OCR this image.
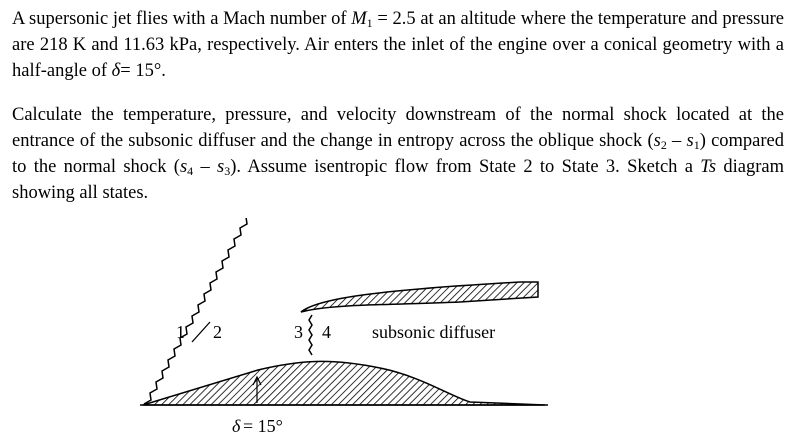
A supersonic jet flies with a Mach number of $M_1 = 2.5$ at an altitude where the temperature and pressure are 218 K and 11.63 kPa, respectively. Air enters the inlet of the engine over a conical geometry with a half-angle of δ= 15°.

Calculate the temperature, pressure, and velocity downstream of the normal shock located at the entrance of the subsonic diffuser and the change in entropy across the oblique shock $(s_2 - s_1)$ compared to the normal shock $(s_4 - s_3)$. Assume isentropic flow from State 2 to State 3. Sketch a Ts diagram showing all states.

1 2	3 4 subsonic diffuser
δ = 15°
